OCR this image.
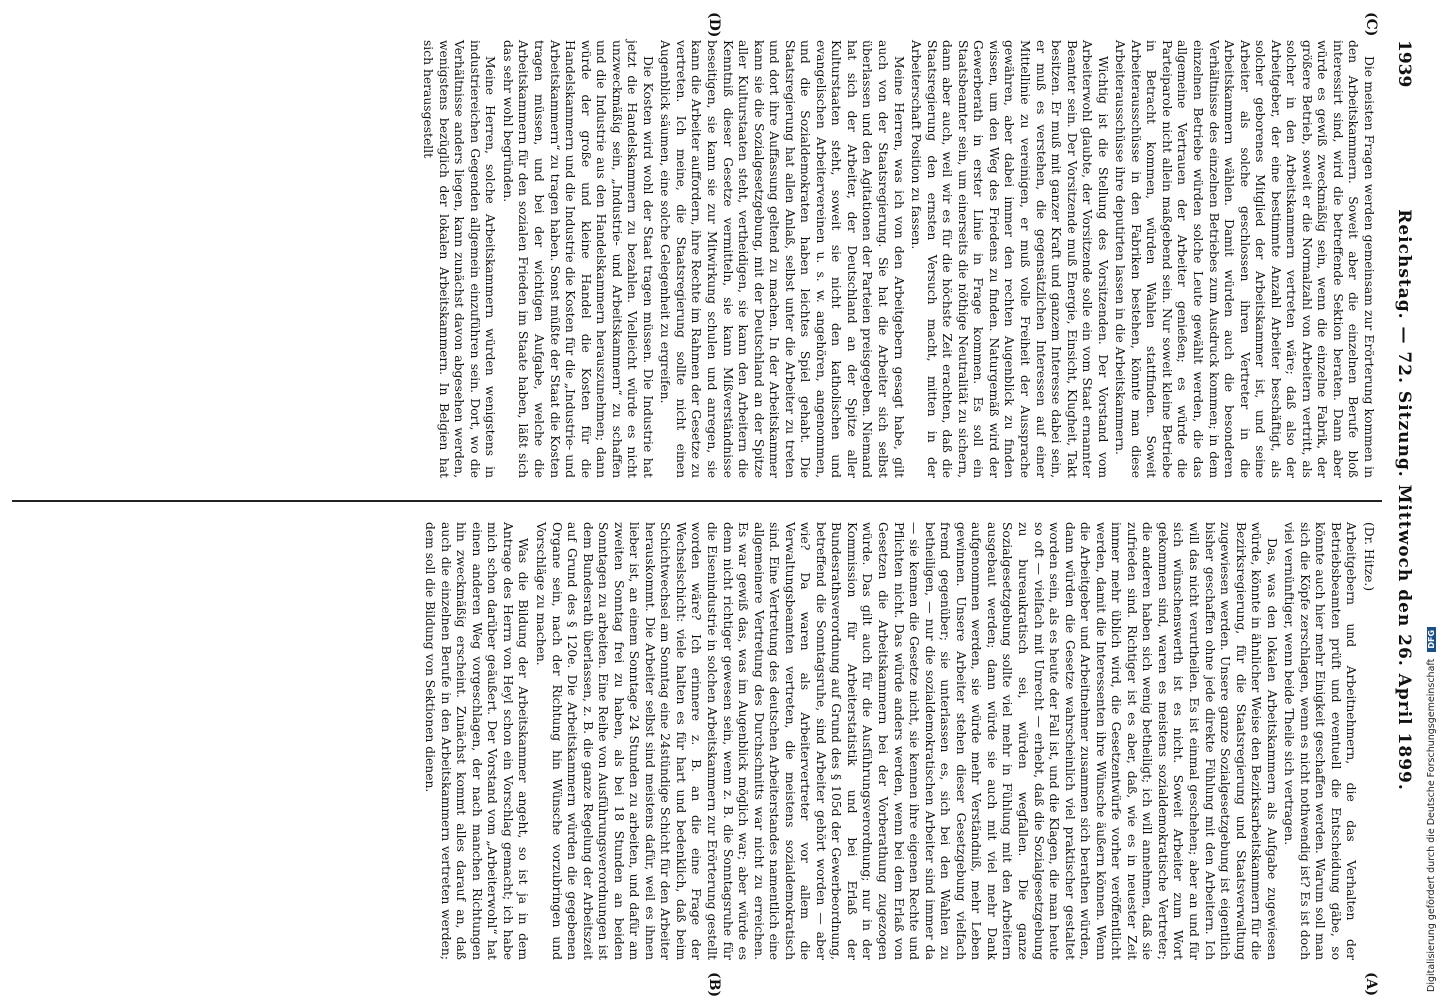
1939
Reichstag. — 72. Sitzung. Mittwoch den 26. April 1899.
(C)
(D)
(A)
(B)

Die meisten Fragen werden gemeinsam zur Erörterung kommen in den Arbeitskammern. Soweit aber die einzelnen Berufe bloß interessirt sind, wird die betreffende Sektion beraten. Dann aber würde es gewiß zweckmäßig sein, wenn die einzelne Fabrik, der größere Betrieb, soweit er die Normalzahl von Arbeitern vertritt, als solcher in den Arbeitskammern vertreten wäre; daß also der Arbeitgeber, der eine bestimmte Anzahl Arbeiter beschäftigt, als solcher geborenes Mitglied der Arbeitskammer ist, und seine Arbeiter als solche geschlossen ihren Vertreter in die Arbeitskammern wählen. Damit würden auch die besonderen Verhältnisse des einzelnen Betriebes zum Ausdruck kommen; in dem einzelnen Betriebe würden solche Leute gewählt werden, die das allgemeine Vertrauen der Arbeiter genießen; es würde die Parteiparole nicht allein maßgebend sein. Nur soweit kleine Betriebe in Betracht kommen, würden Wahlen stattfinden. Soweit Arbeiterausschüsse in den Fabriken bestehen, könnte man diese Arbeiterausschüsse ihre deputirten lassen in die Arbeitskammern.

Wichtig ist die Stellung des Vorsitzenden. Der Vorstand vom Arbeiterwohl glaubte, der Vorsitzende solle ein vom Staat ernannter Beamter sein. Der Vorsitzende muß Energie, Einsicht, Klugheit, Takt besitzen. Er muß mit ganzer Kraft und ganzem Interesse dabei sein, er muß es verstehen, die gegensätzlichen Interessen auf einer Mittellinie zu vereinigen, er muß volle Freiheit der Aussprache gewähren, aber dabei immer den rechten Augenblick zu finden wissen, um den Weg des Friedens zu finden. Naturgemäß wird der Gewerberath in erster Linie in Frage kommen. Es soll ein Staatsbeamter sein, um einerseits die nöthige Neutralität zu sichern, dann aber auch, weil wir es für die höchste Zeit erachten, daß die Staatsregierung den ernsten Versuch macht, mitten in der Arbeiterschaft Position zu fassen.

Meine Herren, was ich von den Arbeitgebern gesagt habe, gilt auch von der Staatsregierung. Sie hat die Arbeiter sich selbst überlassen und den Agitationen der Parteien preisgegeben. Niemand hat sich der Arbeiter, der Deutschland an der Spitze aller Kulturstaaten steht, soweit sie nicht den katholischen und evangelischen Arbeitervereinen u. s. w. angehören, angenommen, und die Sozialdemokraten haben leichtes Spiel gehabt. Die Staatsregierung hat allen Anlaß, selbst unter die Arbeiter zu treten und dort ihre Auffassung geltend zu machen. In der Arbeitskammer kann sie die Sozialgesetzgebung, mit der Deutschland an der Spitze aller Kulturstaaten steht, vertheidigen, sie kann den Arbeitern die Kenntniß dieser Gesetze vermitteln, sie kann Mißverständnisse beseitigen, sie kann sie zur Mitwirkung schulen und anregen, sie kann die Arbeiter auffordern, ihre Rechte im Rahmen der Gesetze zu vertreten. Ich meine, die Staatsregierung sollte nicht einen Augenblick säumen, eine solche Gelegenheit zu ergreifen.

Die Kosten wird wohl der Staat tragen müssen. Die Industrie hat jetzt die Handelskammern zu bezahlen. Vielleicht würde es nicht unzweckmäßig sein, „Industrie- und Arbeitskammern“ zu schaffen und die Industrie aus den Handelskammern herauszunehmen; dann würde der große und kleine Handel die Kosten für die Handelskammern und die Industrie die Kosten für die „Industrie- und Arbeitskammern“ zu tragen haben. Sonst müßte der Staat die Kosten tragen müssen, und bei der wichtigen Aufgabe, welche die Arbeitskammern für den sozialen Frieden im Staate haben, läßt sich das sehr wohl begründen.

Meine Herren, solche Arbeitskammern würden wenigstens in industriereichen Gegenden allgemein einzuführen sein. Dort, wo die Verhältnisse anders liegen, kann zunächst davon abgesehen werden, wenigstens bezüglich der lokalen Arbeitskammern. In Belgien hat sich herausgestellt

(Dr. Hitze.)

Arbeitgebern und Arbeitnehmern, die das Verhalten der Betriebsbeamten prüft und eventuell die Entscheidung gäbe, so könnte auch hier mehr Einigkeit geschaffen werden. Warum soll man sich die Köpfe zerschlagen, wenn es nicht nothwendig ist? Es ist doch viel vernünftiger, wenn beide Theile sich vertragen.

Das, was den lokalen Arbeitskammern als Aufgabe zugewiesen würde, könnte in ähnlicher Weise den Bezirksarbeitskammern für die Bezirksregierung, für die Staatsregierung und Staatsverwaltung zugewiesen werden. Unsere ganze Sozialgesetzgebung ist eigentlich bisher geschaffen ohne jede direkte Fühlung mit den Arbeitern. Ich will das nicht verurtheilen. Es ist einmal geschehen; aber an und für sich wünschenswerth ist es nicht. Soweit Arbeiter zum Wort gekommen sind, waren es meistens sozialdemokratische Vertreter; die anderen haben sich wenig betheiligt; ich will annehmen, daß sie zufrieden sind. Richtiger ist es aber, daß, wie es in neuester Zeit immer mehr üblich wird, die Gesetzentwürfe vorher veröffentlicht werden, damit die Interessenten ihre Wünsche äußern können. Wenn die Arbeitgeber und Arbeitnehmer zusammen sich berathen würden, dann würden die Gesetze wahrscheinlich viel praktischer gestaltet worden sein, als es heute der Fall ist, und die Klagen, die man heute so oft — vielfach mit Unrecht — erhebt, daß die Sozialgesetzgebung zu bureaukratisch sei, würden wegfallen. Die ganze Sozialgesetzgebung sollte viel mehr in Fühlung mit den Arbeitern ausgebaut werden; dann würde sie auch mit viel mehr Dank aufgenommen werden, sie würde mehr Verständniß, mehr Leben gewinnen. Unsere Arbeiter stehen dieser Gesetzgebung vielfach fremd gegenüber; sie unterlassen es, sich bei den Wahlen zu betheiligen, — nur die sozialdemokratischen Arbeiter sind immer da — sie kennen die Gesetze nicht, sie kennen ihre eigenen Rechte und Pflichten nicht. Das würde anders werden, wenn bei dem Erlaß von Gesetzen die Arbeitskammern bei der Vorberathung zugezogen würde. Das gilt auch für die Ausführungsverordnung; nur in der Kommission für Arbeiterstatistik und bei Erlaß der Bundesrathsverordnung auf Grund des § 105d der Gewerbeordnung, betreffend die Sonntagsruhe, sind Arbeiter gehört worden — aber wie? Da waren als Arbeitervertreter vor allem die Verwaltungsbeamten vertreten, die meistens sozialdemokratisch sind. Eine Vertretung des deutschen Arbeiterstandes namentlich eine allgemeinere Vertretung des Durchschnitts war nicht zu erreichen. Es war gewiß das, was im Augenblick möglich war; aber würde es denn nicht richtiger gewesen sein, wenn z. B. die Sonntagsruhe für die Eisenindustrie in solchen Arbeitskammern zur Erörterung gestellt worden wäre? Ich erinnere z. B. an die eine Frage der Wechselschicht: viele halten es für hart und bedenklich, daß beim Schichtwechsel am Sonntag eine 24stündige Schicht für den Arbeiter herauskommt. Die Arbeiter selbst sind meistens dafür, weil es ihnen lieber ist, an einem Sonntage 24 Stunden zu arbeiten, und dafür am zweiten Sonntag frei zu haben, als bei 18 Stunden an beiden Sonntagen zu arbeiten. Eine Reihe von Ausführungsverordnungen ist dem Bundesrath überlassen, z. B. die ganze Regelung der Arbeitszeit auf Grund des § 120e. Die Arbeitskammern würden die gegebenen Organe sein, nach der Richtung hin Wünsche vorzubringen und Vorschläge zu machen.

Was die Bildung der Arbeitskammer angeht, so ist ja in dem Antrage des Herrn von Heyl schon ein Vorschlag gemacht; ich habe mich schon darüber geäußert. Der Vorstand vom „Arbeiterwohl“ hat einen anderen Weg vorgeschlagen, der nach manchen Richtungen hin zweckmäßig erscheint. Zunächst kommt alles darauf an, daß auch die einzelnen Berufe in den Arbeitskammern vertreten werden; dem soll die Bildung von Sektionen dienen.

Digitalisierung gefördert durch die Deutsche Forschungsgemeinschaft DFG
